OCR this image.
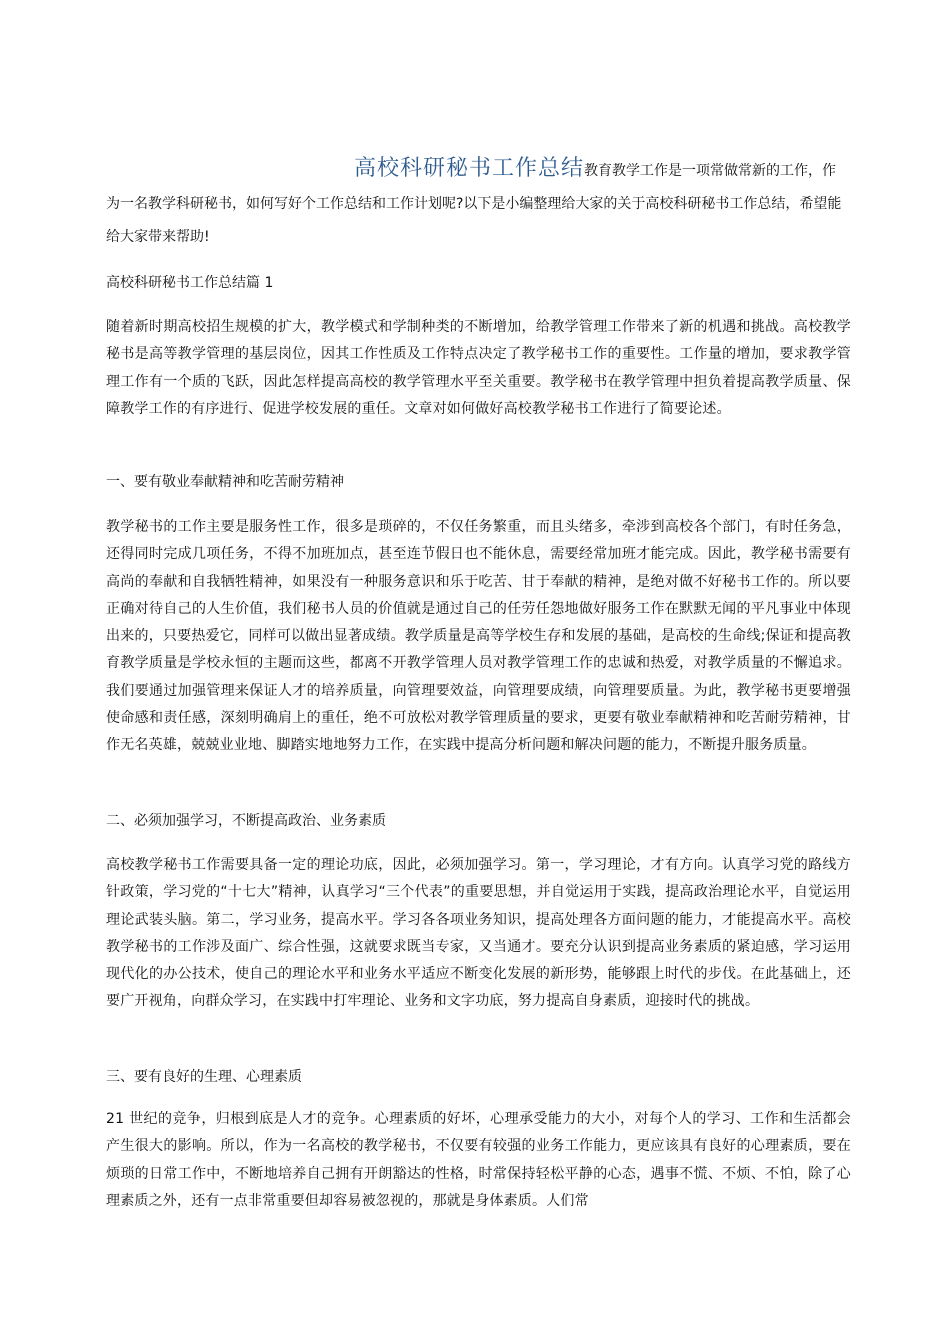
高校科研秘书工作总结教育教学工作是一项常做常新的工作，作为一名教学科研秘书，如何写好个工作总结和工作计划呢?以下是小编整理给大家的关于高校科研秘书工作总结，希望能给大家带来帮助!
高校科研秘书工作总结篇 1
随着新时期高校招生规模的扩大，教学模式和学制种类的不断增加，给教学管理工作带来了新的机遇和挑战。高校教学秘书是高等教学管理的基层岗位，因其工作性质及工作特点决定了教学秘书工作的重要性。工作量的增加，要求教学管理工作有一个质的飞跃，因此怎样提高高校的教学管理水平至关重要。教学秘书在教学管理中担负着提高教学质量、保障教学工作的有序进行、促进学校发展的重任。文章对如何做好高校教学秘书工作进行了简要论述。
一、要有敬业奉献精神和吃苦耐劳精神
教学秘书的工作主要是服务性工作，很多是琐碎的，不仅任务繁重，而且头绪多，牵涉到高校各个部门，有时任务急，还得同时完成几项任务，不得不加班加点，甚至连节假日也不能休息，需要经常加班才能完成。因此，教学秘书需要有高尚的奉献和自我牺牲精神，如果没有一种服务意识和乐于吃苦、甘于奉献的精神，是绝对做不好秘书工作的。所以要正确对待自己的人生价值，我们秘书人员的价值就是通过自己的任劳任怨地做好服务工作在默默无闻的平凡事业中体现出来的，只要热爱它，同样可以做出显著成绩。教学质量是高等学校生存和发展的基础，是高校的生命线;保证和提高教育教学质量是学校永恒的主题而这些，都离不开教学管理人员对教学管理工作的忠诚和热爱，对教学质量的不懈追求。我们要通过加强管理来保证人才的培养质量，向管理要效益，向管理要成绩，向管理要质量。为此，教学秘书更要增强使命感和责任感，深刻明确肩上的重任，绝不可放松对教学管理质量的要求，更要有敬业奉献精神和吃苦耐劳精神，甘作无名英雄，兢兢业业地、脚踏实地地努力工作，在实践中提高分析问题和解决问题的能力，不断提升服务质量。
二、必须加强学习，不断提高政治、业务素质
高校教学秘书工作需要具备一定的理论功底，因此，必须加强学习。第一，学习理论，才有方向。认真学习党的路线方针政策，学习党的“十七大”精神，认真学习“三个代表”的重要思想，并自觉运用于实践，提高政治理论水平，自觉运用理论武装头脑。第二，学习业务，提高水平。学习各各项业务知识，提高处理各方面问题的能力，才能提高水平。高校教学秘书的工作涉及面广、综合性强，这就要求既当专家，又当通才。要充分认识到提高业务素质的紧迫感，学习运用现代化的办公技术，使自己的理论水平和业务水平适应不断变化发展的新形势，能够跟上时代的步伐。在此基础上，还要广开视角，向群众学习，在实践中打牢理论、业务和文字功底，努力提高自身素质，迎接时代的挑战。
三、要有良好的生理、心理素质
21 世纪的竞争，归根到底是人才的竞争。心理素质的好坏，心理承受能力的大小，对每个人的学习、工作和生活都会产生很大的影响。所以，作为一名高校的教学秘书，不仅要有较强的业务工作能力，更应该具有良好的心理素质，要在烦琐的日常工作中，不断地培养自己拥有开朗豁达的性格，时常保持轻松平静的心态，遇事不慌、不烦、不怕，除了心理素质之外，还有一点非常重要但却容易被忽视的，那就是身体素质。人们常
